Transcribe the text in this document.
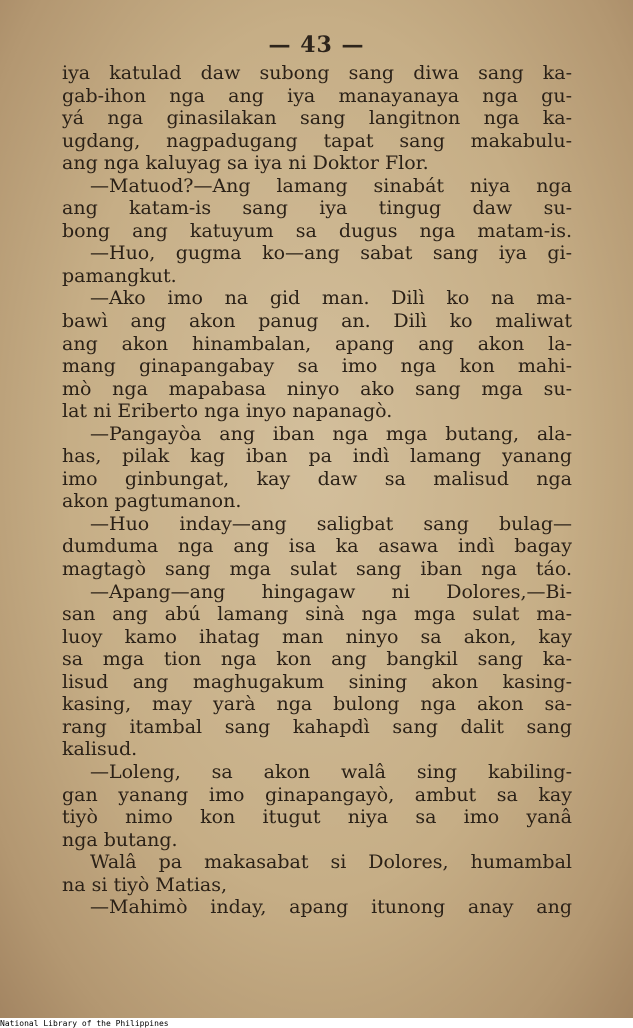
— 43 —
iya katulad daw subong sang diwa sang ka-
gab-ihon nga ang iya manayanaya nga gu-
yá nga ginasilakan sang langitnon nga ka-
ugdang, nagpadugang tapat sang makabulu-
ang nga kaluyag sa iya ni Doktor Flor.
—Matuod?—Ang lamang sinabát niya nga
ang katam-is sang iya tingug daw su-
bong ang katuyum sa dugus nga matam-is.
—Huo, gugma ko—ang sabat sang iya gi-
pamangkut.
—Ako imo na gid man. Dilì ko na ma-
bawì ang akon panug an. Dilì ko maliwat
ang akon hinambalan, apang ang akon la-
mang ginapangabay sa imo nga kon mahi-
mò nga mapabasa ninyo ako sang mga su-
lat ni Eriberto nga inyo napanagò.
—Pangayòa ang iban nga mga butang, ala-
has, pilak kag iban pa indì lamang yanang
imo ginbungat, kay daw sa malisud nga
akon pagtumanon.
—Huo inday—ang saligbat sang bulag—
dumduma nga ang isa ka asawa indì bagay
magtagò sang mga sulat sang iban nga táo.
—Apang—ang hingagaw ni Dolores,—Bi-
san ang abú lamang sinà nga mga sulat ma-
luoy kamo ihatag man ninyo sa akon, kay
sa mga tion nga kon ang bangkil sang ka-
lisud ang maghugakum sining akon kasing-
kasing, may yarà nga bulong nga akon sa-
rang itambal sang kahapdì sang dalit sang
kalisud.
—Loleng, sa akon walâ sing kabiling-
gan yanang imo ginapangayò, ambut sa kay
tiyò nimo kon itugut niya sa imo yanâ
nga butang.
Walâ pa makasabat si Dolores, humambal
na si tiyò Matias,
—Mahimò inday, apang itunong anay ang
National Library of the Philippines
